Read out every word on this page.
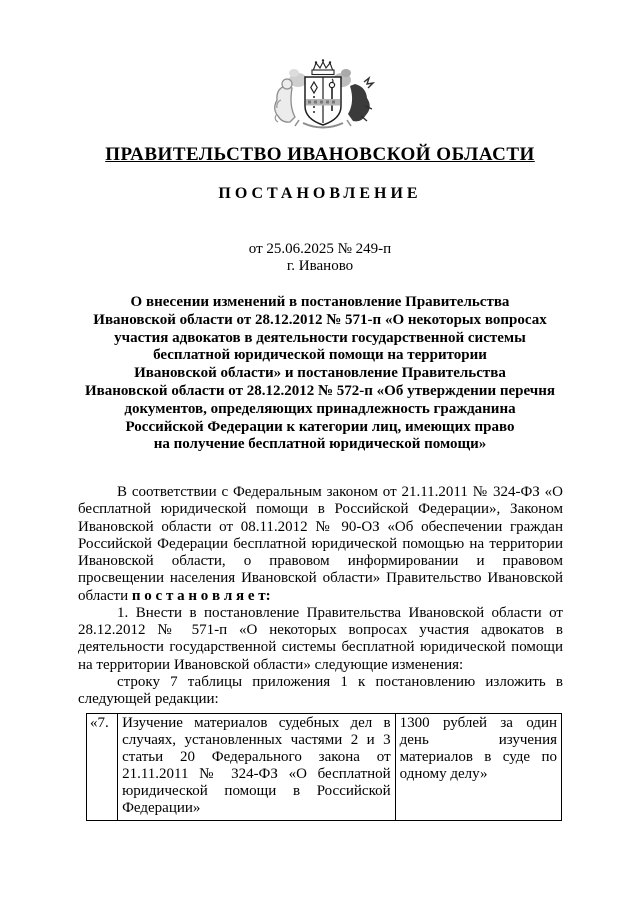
ПРАВИТЕЛЬСТВО ИВАНОВСКОЙ ОБЛАСТИ
ПОСТАНОВЛЕНИЕ
от 25.06.2025 № 249-п
г. Иваново
О внесении изменений в постановление Правительства
Ивановской области от 28.12.2012 № 571-п «О некоторых вопросах
участия адвокатов в деятельности государственной системы
бесплатной юридической помощи на территории
Ивановской области» и постановление Правительства
Ивановской области от 28.12.2012 № 572-п «Об утверждении перечня
документов, определяющих принадлежность гражданина
Российской Федерации к категории лиц, имеющих право
на получение бесплатной юридической помощи»

В соответствии с Федеральным законом от 21.11.2011 № 324-ФЗ «О бесплатной юридической помощи в Российской Федерации», Законом Ивановской области от 08.11.2012 № 90-ОЗ «Об обеспечении граждан Российской Федерации бесплатной юридической помощью на территории Ивановской области, о правовом информировании и правовом просвещении населения Ивановской области» Правительство Ивановской области п о с т а н о в л я е т:

1. Внести в постановление Правительства Ивановской области от 28.12.2012 № 571-п «О некоторых вопросах участия адвокатов в деятельности государственной системы бесплатной юридической помощи на территории Ивановской области» следующие изменения:

строку 7 таблицы приложения 1 к постановлению изложить в следующей редакции:

«7.	Изучение материалов судебных дел в случаях, установленных частями 2 и 3 статьи 20 Федерального закона от 21.11.2011 № 324-ФЗ «О бесплатной юридической помощи в Российской Федерации»	1300 рублей за один день изучения материалов в суде по одному делу»
